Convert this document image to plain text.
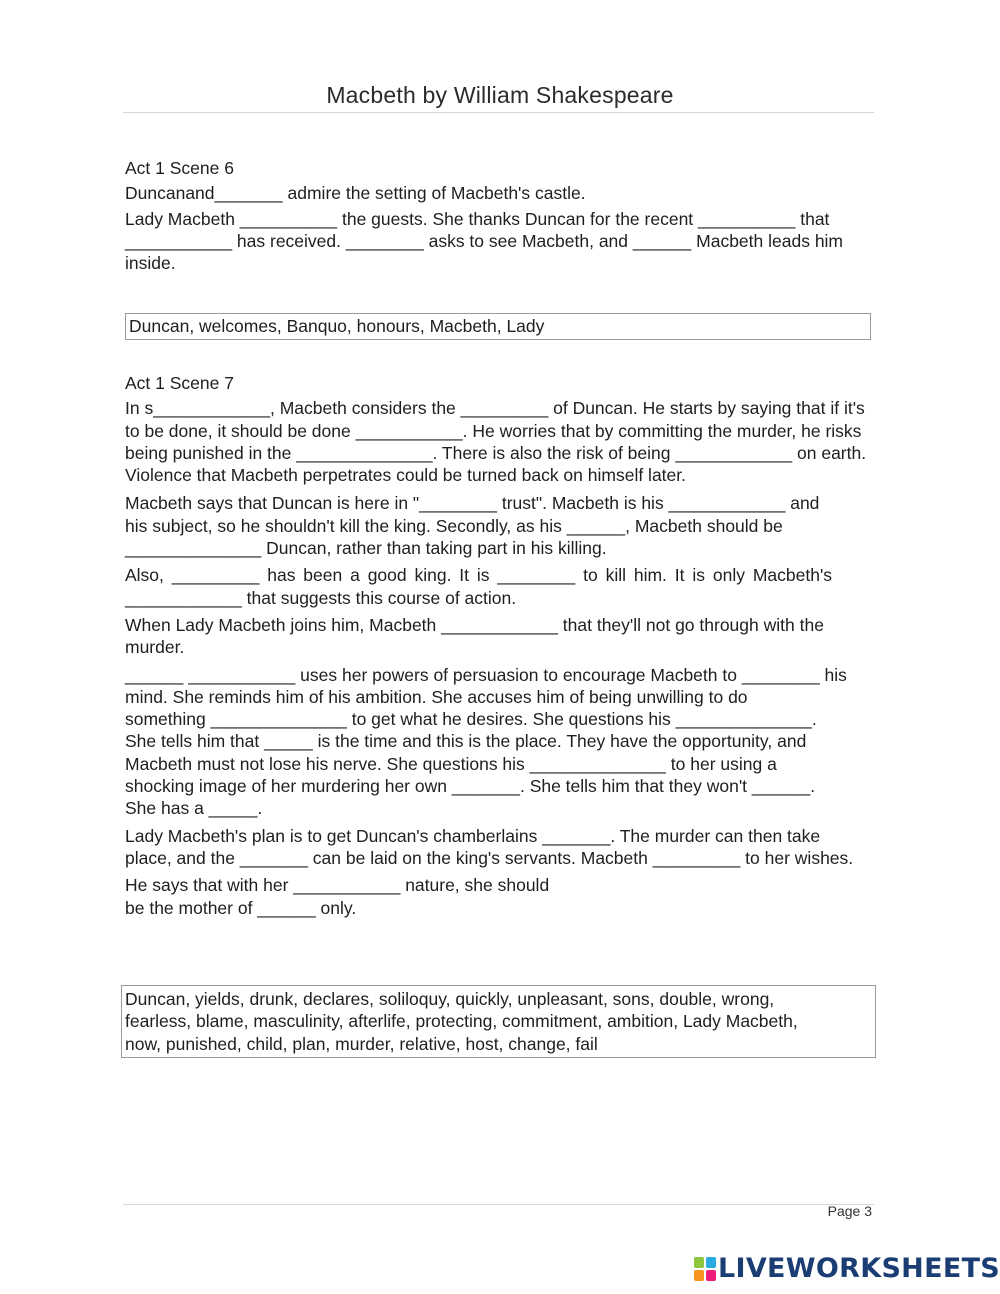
Macbeth by William Shakespeare
Act 1 Scene 6
Duncanand_______ admire the setting of Macbeth's castle.
Lady Macbeth __________ the guests. She thanks Duncan for the recent __________ that
___________ has received. ________ asks to see Macbeth, and ______ Macbeth leads him
inside.
Duncan, welcomes, Banquo, honours, Macbeth, Lady
Act 1 Scene 7
In s____________, Macbeth considers the _________ of Duncan. He starts by saying that if it's
to be done, it should be done ___________. He worries that by committing the murder, he risks
being punished in the ______________. There is also the risk of being ____________ on earth.
Violence that Macbeth perpetrates could be turned back on himself later.
Macbeth says that Duncan is here in "________ trust". Macbeth is his ____________ and
his subject, so he shouldn't kill the king. Secondly, as his ______, Macbeth should be
______________ Duncan, rather than taking part in his killing.
Also, _________ has been a good king. It is ________ to kill him. It is only Macbeth's
____________ that suggests this course of action.
When Lady Macbeth joins him, Macbeth ____________ that they'll not go through with the
murder.
______ ___________ uses her powers of persuasion to encourage Macbeth to ________ his
mind. She reminds him of his ambition. She accuses him of being unwilling to do
something ______________ to get what he desires. She questions his ______________.
She tells him that _____ is the time and this is the place. They have the opportunity, and
Macbeth must not lose his nerve. She questions his ______________ to her using a
shocking image of her murdering her own _______. She tells him that they won't ______.
She has a _____.
Lady Macbeth's plan is to get Duncan's chamberlains _______. The murder can then take
place, and the _______ can be laid on the king's servants. Macbeth _________ to her wishes.
He says that with her ___________ nature, she should
be the mother of ______ only.
Duncan, yields, drunk, declares, soliloquy, quickly, unpleasant, sons, double, wrong,
fearless, blame, masculinity, afterlife, protecting, commitment, ambition, Lady Macbeth,
now, punished, child, plan, murder, relative, host, change, fail
Page 3
LIVEWORKSHEETS
